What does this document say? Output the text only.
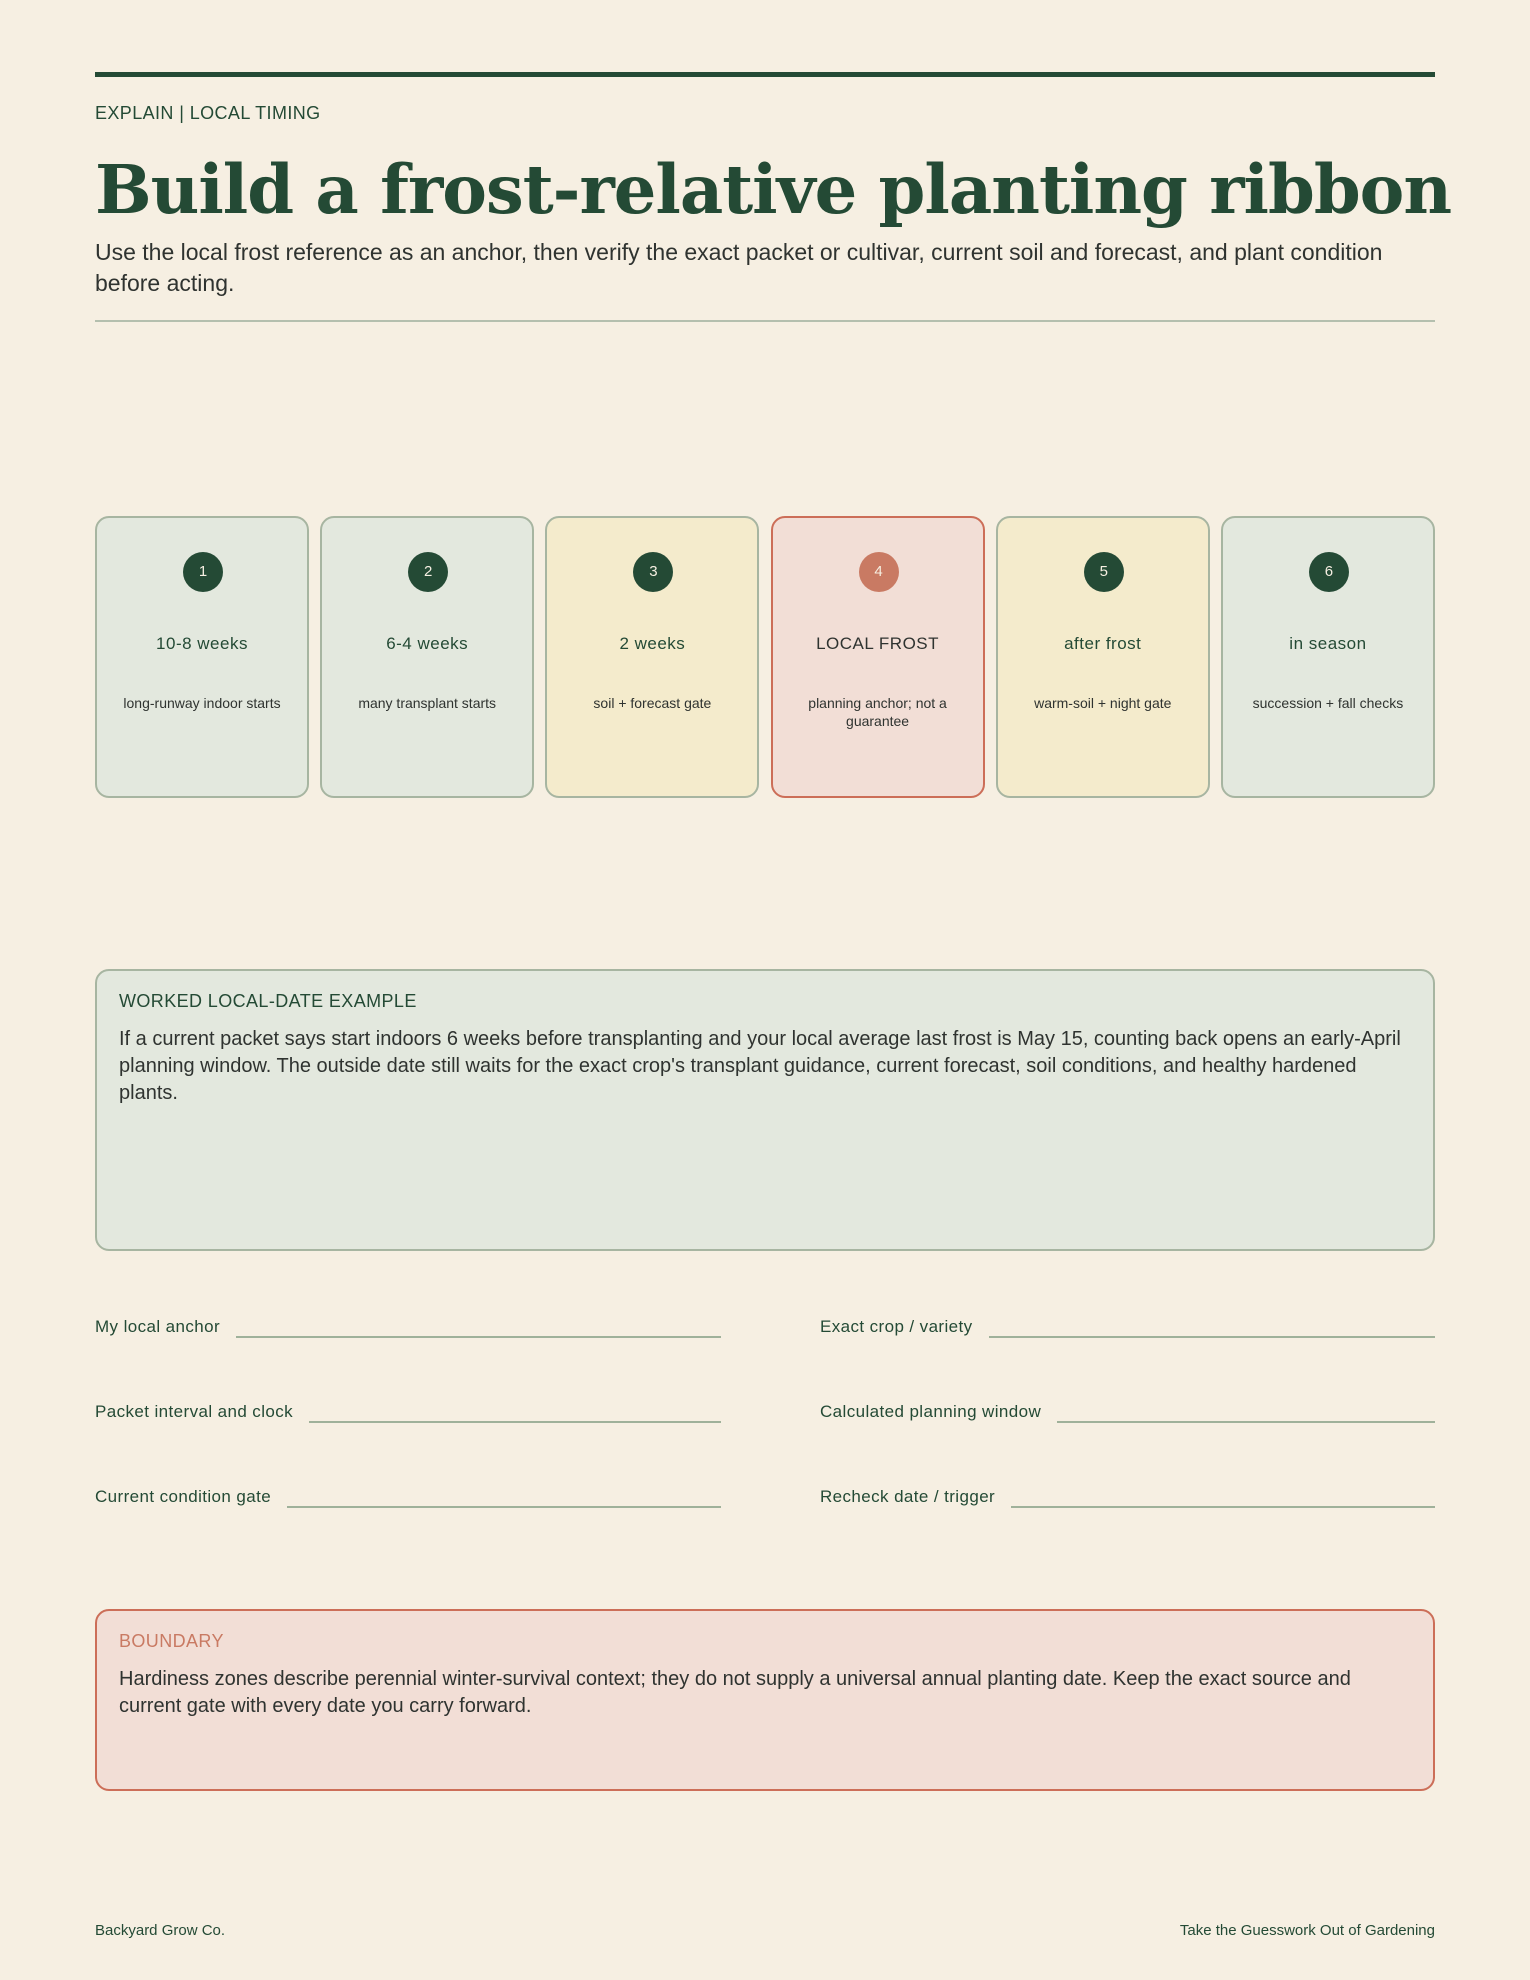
EXPLAIN | LOCAL TIMING
Build a frost-relative planting ribbon
Use the local frost reference as an anchor, then verify the exact packet or cultivar, current soil and forecast, and plant condition before acting.
1
10-8 weeks
long-runway indoor starts
2
6-4 weeks
many transplant starts
3
2 weeks
soil + forecast gate
4
LOCAL FROST
planning anchor; not a guarantee
5
after frost
warm-soil + night gate
6
in season
succession + fall checks
WORKED LOCAL-DATE EXAMPLE
If a current packet says start indoors 6 weeks before transplanting and your local average last frost is May 15, counting back opens an early-April planning window. The outside date still waits for the exact crop's transplant guidance, current forecast, soil conditions, and healthy hardened plants.
My local anchor	Exact crop / variety
Packet interval and clock	Calculated planning window
Current condition gate	Recheck date / trigger
BOUNDARY
Hardiness zones describe perennial winter-survival context; they do not supply a universal annual planting date. Keep the exact source and current gate with every date you carry forward.
Backyard Grow Co.	Take the Guesswork Out of Gardening
